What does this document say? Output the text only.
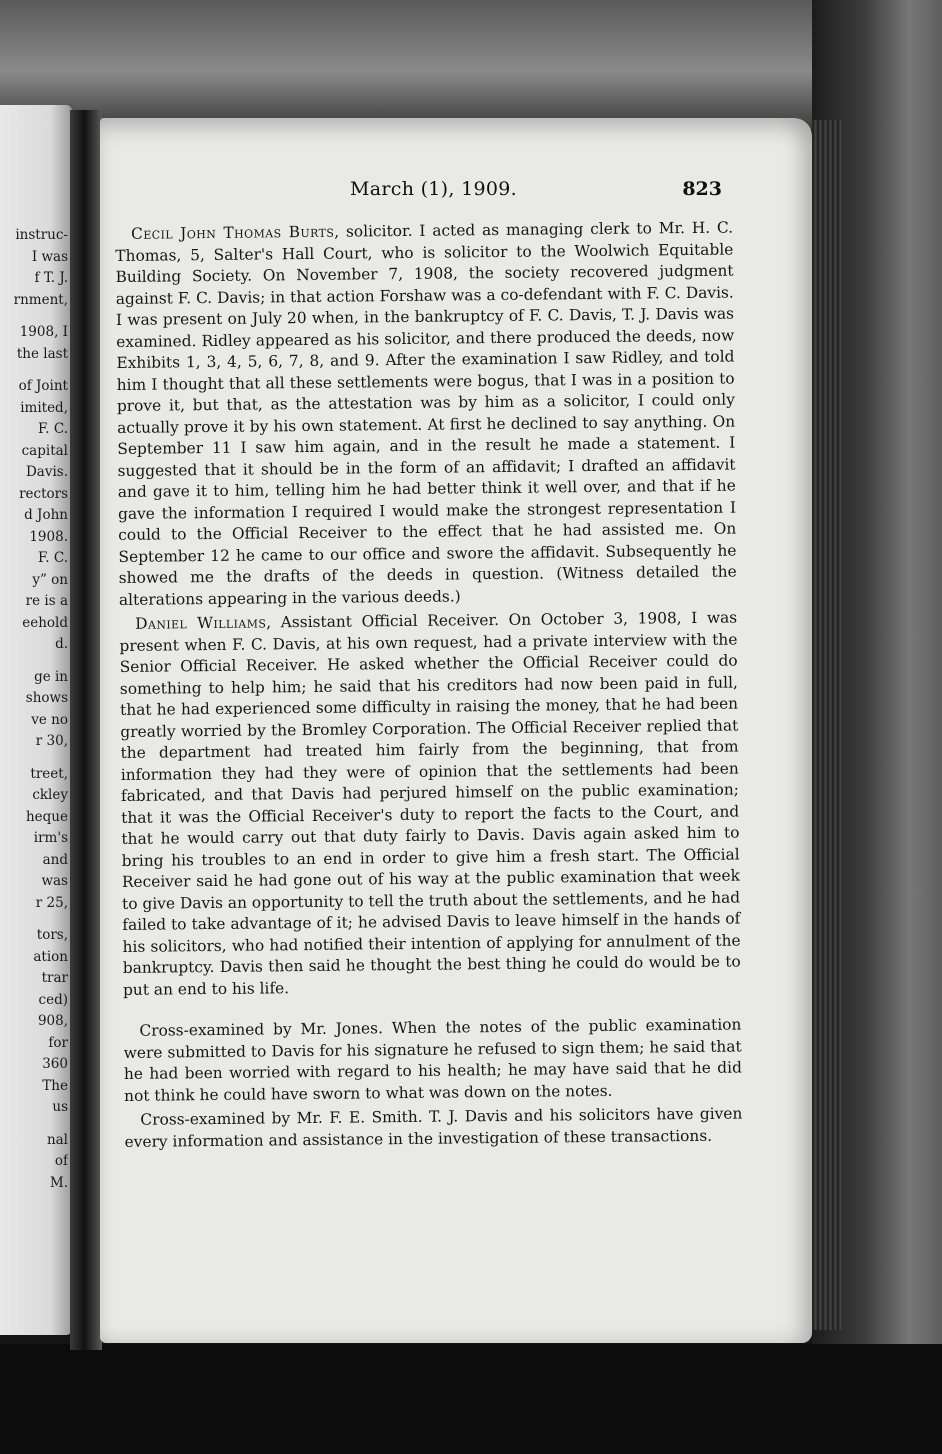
instruc-
I was
f T. J.
rnment,
1908, I
the last
of Joint
imited,
F. C.
capital
Davis.
rectors
d John
1908.
F. C.
y” on
re is a
eehold
d.
ge in
shows
ve no
r 30,
treet,
ckley
heque
irm's
and
was
r 25,
tors,
ation
trar
ced)
908,
for
360
The
us
nal
of
M.
March (1), 1909.	823

Cecil John Thomas Burts, solicitor. I acted as managing clerk to Mr. H. C. Thomas, 5, Salter's Hall Court, who is solicitor to the Woolwich Equitable Building Society. On November 7, 1908, the society recovered judgment against F. C. Davis; in that action Forshaw was a co-defendant with F. C. Davis. I was present on July 20 when, in the bankruptcy of F. C. Davis, T. J. Davis was examined. Ridley appeared as his solicitor, and there produced the deeds, now Exhibits 1, 3, 4, 5, 6, 7, 8, and 9. After the examination I saw Ridley, and told him I thought that all these settlements were bogus, that I was in a position to prove it, but that, as the attestation was by him as a solicitor, I could only actually prove it by his own statement. At first he declined to say anything. On September 11 I saw him again, and in the result he made a statement. I suggested that it should be in the form of an affidavit; I drafted an affidavit and gave it to him, telling him he had better think it well over, and that if he gave the information I required I would make the strongest representation I could to the Official Receiver to the effect that he had assisted me. On September 12 he came to our office and swore the affidavit. Subsequently he showed me the drafts of the deeds in question. (Witness detailed the alterations appearing in the various deeds.)

Daniel Williams, Assistant Official Receiver. On October 3, 1908, I was present when F. C. Davis, at his own request, had a private interview with the Senior Official Receiver. He asked whether the Official Receiver could do something to help him; he said that his creditors had now been paid in full, that he had experienced some difficulty in raising the money, that he had been greatly worried by the Bromley Corporation. The Official Receiver replied that the department had treated him fairly from the beginning, that from information they had they were of opinion that the settlements had been fabricated, and that Davis had perjured himself on the public examination; that it was the Official Receiver's duty to report the facts to the Court, and that he would carry out that duty fairly to Davis. Davis again asked him to bring his troubles to an end in order to give him a fresh start. The Official Receiver said he had gone out of his way at the public examination that week to give Davis an opportunity to tell the truth about the settlements, and he had failed to take advantage of it; he advised Davis to leave himself in the hands of his solicitors, who had notified their intention of applying for annulment of the bankruptcy. Davis then said he thought the best thing he could do would be to put an end to his life.

Cross-examined by Mr. Jones. When the notes of the public examination were submitted to Davis for his signature he refused to sign them; he said that he had been worried with regard to his health; he may have said that he did not think he could have sworn to what was down on the notes.

Cross-examined by Mr. F. E. Smith. T. J. Davis and his solicitors have given every information and assistance in the investigation of these transactions.
